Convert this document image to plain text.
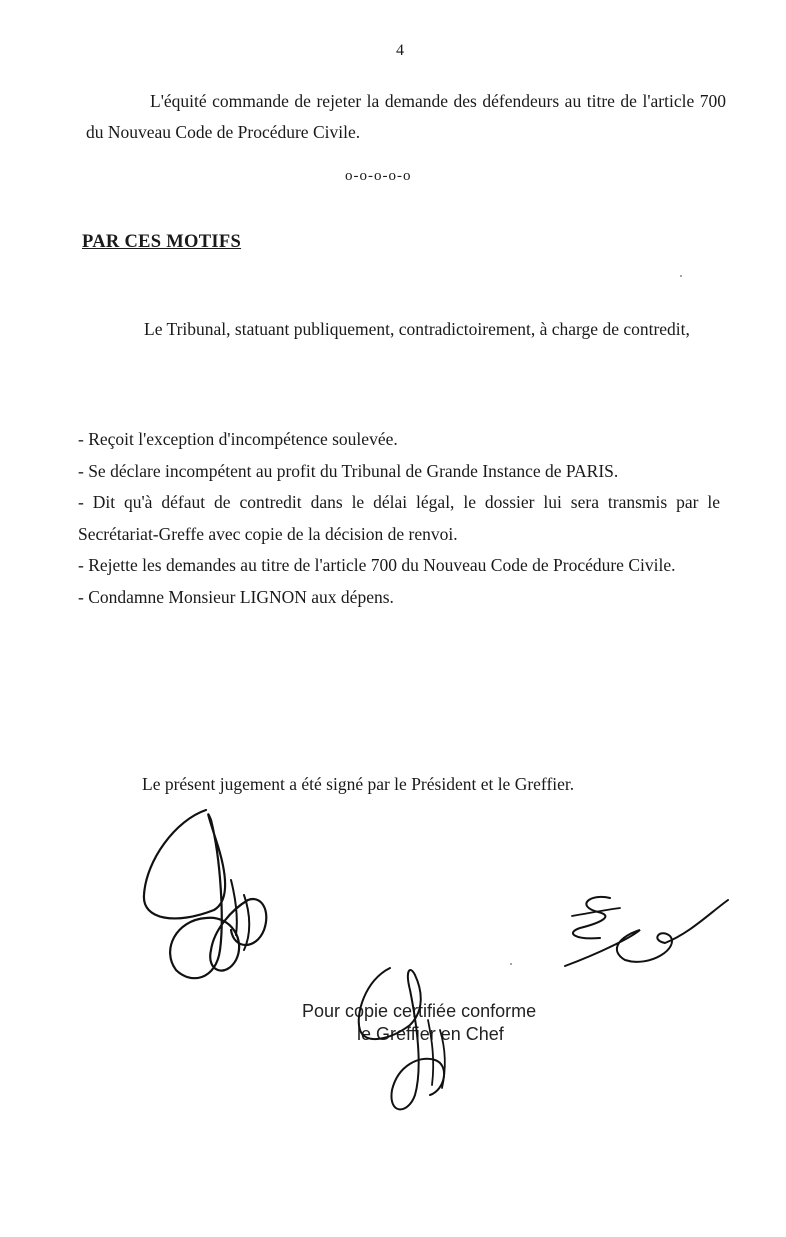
4
L'équité commande de rejeter la demande des défendeurs au titre de l'article 700 du Nouveau Code de Procédure Civile.
o-o-o-o-o
PAR CES MOTIFS
Le Tribunal, statuant publiquement, contradictoirement, à charge de contredit,
- Reçoit l'exception d'incompétence soulevée.
- Se déclare incompétent au profit du Tribunal de Grande Instance de PARIS.
- Dit qu'à défaut de contredit dans le délai légal, le dossier lui sera transmis par le Secrétariat-Greffe avec copie de la décision de renvoi.
- Rejette les demandes au titre de l'article 700 du Nouveau Code de Procédure Civile.
- Condamne Monsieur LIGNON aux dépens.
Le présent jugement a été signé par le Président et le Greffier.
Pour copie certifiée conforme
le Greffier en Chef
